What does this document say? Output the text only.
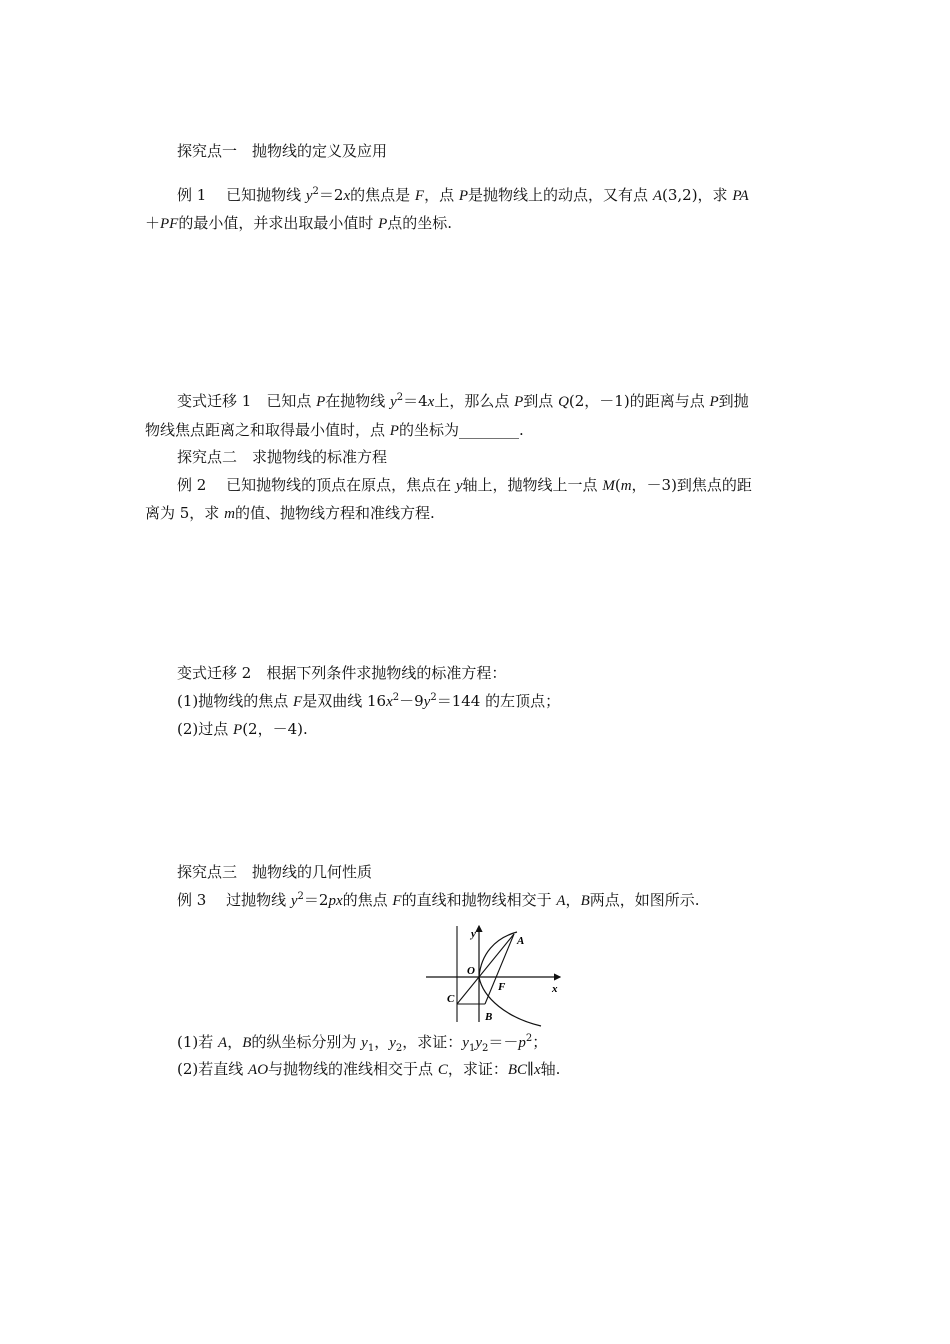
探究点一　抛物线的定义及应用
例 1　 已知抛物线 $y^2=2x$的焦点是 F，点 P是抛物线上的动点，又有点 A(3,2)，求 PA
＋PF的最小值，并求出取最小值时 P点的坐标.
变式迁移 1　 已知点 P在抛物线 $y^2=4x$上，那么点 P到点 Q(2，－1)的距离与点 P到抛
物线焦点距离之和取得最小值时，点 P的坐标为________.
探究点二　求抛物线的标准方程
例 2　 已知抛物线的顶点在原点，焦点在 y轴上，抛物线上一点 M(m，－3)到焦点的距
离为 5，求 m的值、抛物线方程和准线方程.
变式迁移 2　 根据下列条件求抛物线的标准方程：
(1)抛物线的焦点 F是双曲线 $16x^2-9y^2=144$ 的左顶点；
(2)过点 P(2，－4).
探究点三　抛物线的几何性质
例 3　 过抛物线 $y^2=2px$的焦点 F的直线和抛物线相交于 A，B两点，如图所示.
y
x
A
O
F
C
B
(1)若 A，B的纵坐标分别为 $y_1$，$y_2$，求证：$y_1y_2=-p^2$；
(2)若直线 AO与抛物线的准线相交于点 C，求证：BC∥x轴.
